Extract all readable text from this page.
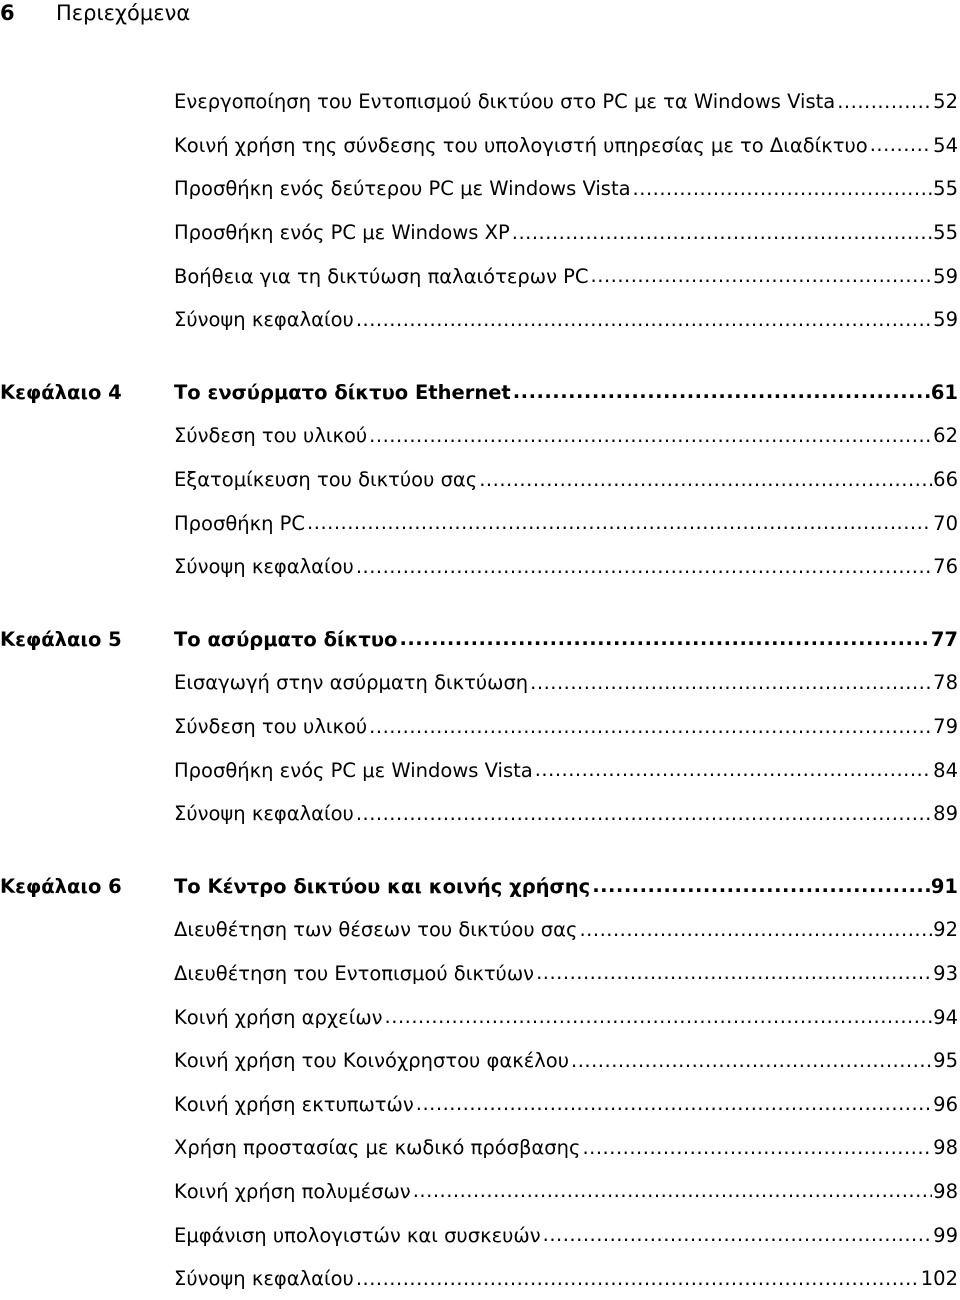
6	Περιεχόμενα
Ενεργοποίηση του Εντοπισμού δικτύου στο PC με τα Windows Vista .....	52
Κοινή χρήση της σύνδεσης του υπολογιστή υπηρεσίας με το Διαδίκτυο .....	54
Προσθήκη ενός δεύτερου PC με Windows Vista .....	55
Προσθήκη ενός PC με Windows XP .....	55
Βοήθεια για τη δικτύωση παλαιότερων PC .....	59
Σύνοψη κεφαλαίου .....	59
Κεφάλαιο 4	Το ενσύρματο δίκτυο Ethernet .....	61
Σύνδεση του υλικού .....	62
Εξατομίκευση του δικτύου σας .....	66
Προσθήκη PC .....	70
Σύνοψη κεφαλαίου .....	76
Κεφάλαιο 5	Το ασύρματο δίκτυο .....	77
Εισαγωγή στην ασύρματη δικτύωση .....	78
Σύνδεση του υλικού .....	79
Προσθήκη ενός PC με Windows Vista .....	84
Σύνοψη κεφαλαίου .....	89
Κεφάλαιο 6	Το Κέντρο δικτύου και κοινής χρήσης .....	91
Διευθέτηση των θέσεων του δικτύου σας .....	92
Διευθέτηση του Εντοπισμού δικτύων .....	93
Κοινή χρήση αρχείων .....	94
Κοινή χρήση του Κοινόχρηστου φακέλου .....	95
Κοινή χρήση εκτυπωτών .....	96
Χρήση προστασίας με κωδικό πρόσβασης .....	98
Κοινή χρήση πολυμέσων .....	98
Εμφάνιση υπολογιστών και συσκευών .....	99
Σύνοψη κεφαλαίου .....	102
